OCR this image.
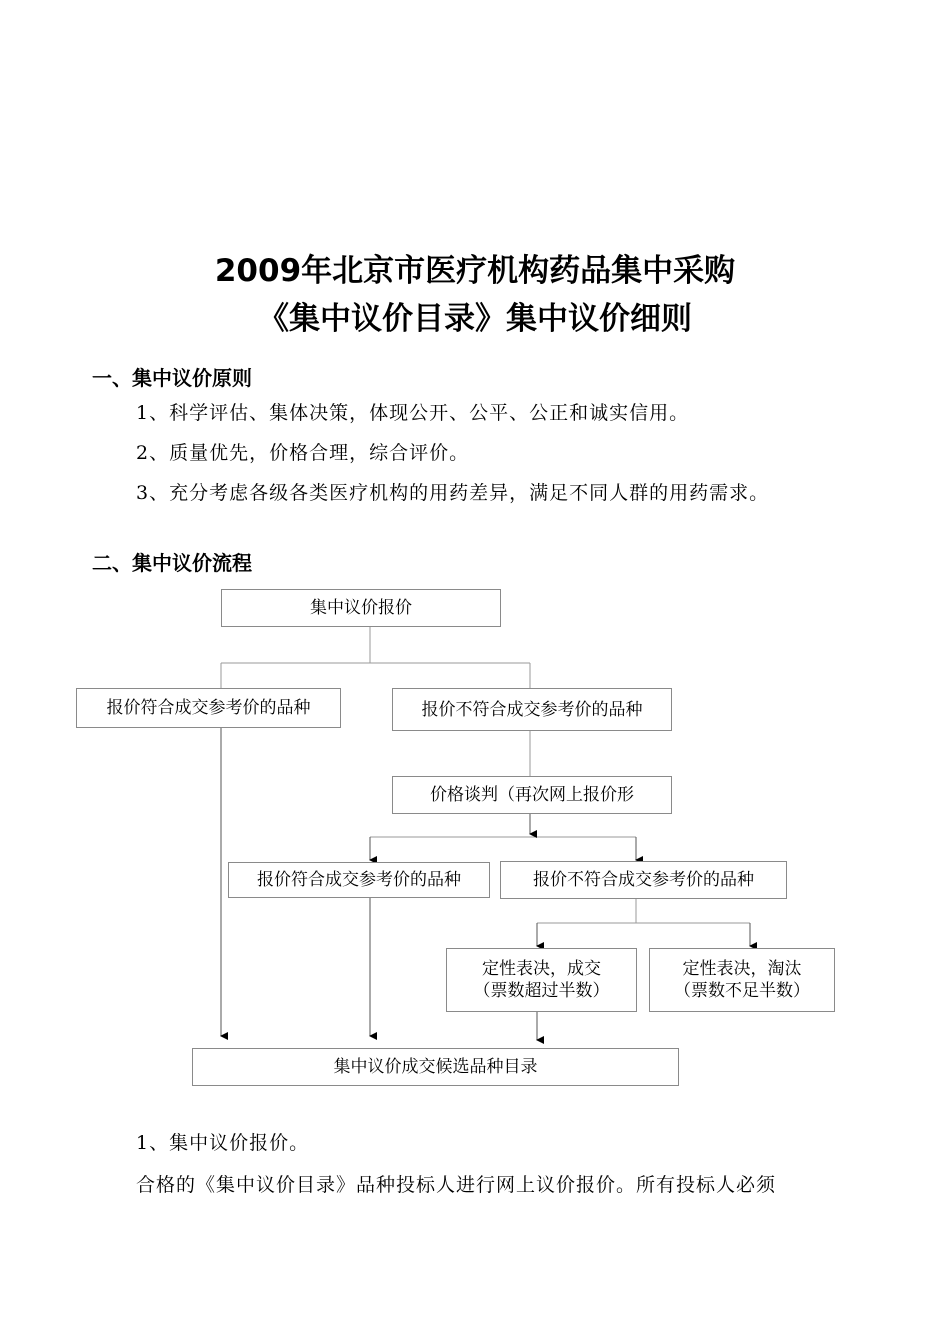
2009年北京市医疗机构药品集中采购
《集中议价目录》集中议价细则
一、集中议价原则
1、科学评估、集体决策，体现公开、公平、公正和诚实信用。
2、质量优先，价格合理，综合评价。
3、充分考虑各级各类医疗机构的用药差异，满足不同人群的用药需求。
二、集中议价流程
集中议价报价
报价符合成交参考价的品种	报价不符合成交参考价的品种
价格谈判（再次网上报价形
报价符合成交参考价的品种	报价不符合成交参考价的品种
定性表决，成交
（票数超过半数）
定性表决，淘汰
（票数不足半数）
集中议价成交候选品种目录
1、集中议价报价。
合格的《集中议价目录》品种投标人进行网上议价报价。所有投标人必须
